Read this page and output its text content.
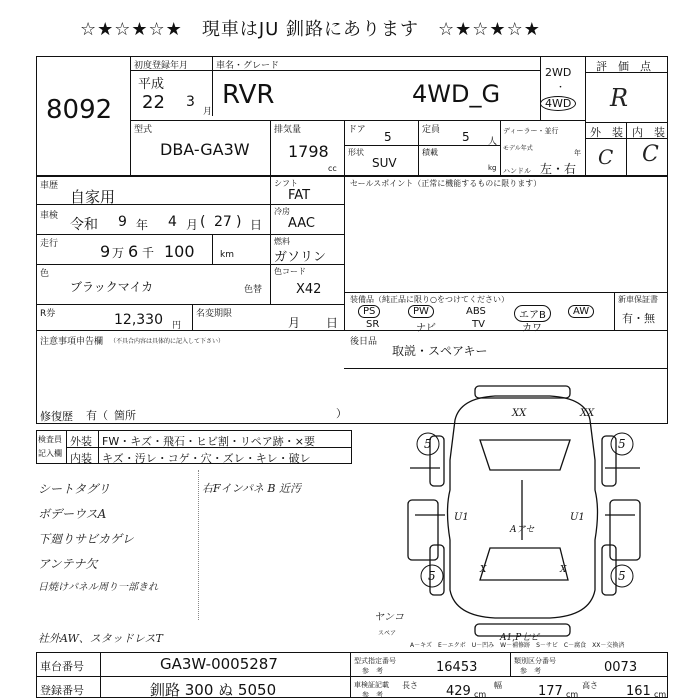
☆★☆★☆★　現車はJU 釧路にあります　☆★☆★☆★
8092
初度登録年月
平成
22 3
月
車名・グレード
RVR	4WD_G
2WD
・
4WD
評　価　点
R
外　装 内　装
C C
型式
DBA-GA3W
排気量
1798
cc
ドア 5	定員 5 人
ディーラー・並行
モデル年式
年
形状
SUV
積載
kg ハンドル 左・右
車歴
自家用
車検
令和 9 年 4 月 ( 27 ) 日
走行	9 万 6 千 100	km
シフト
FAT
冷房
AAC
燃料
ガソリン
色
ブラックマイカ	色替
色コード
X42
R券	12,330 円
名変期限
月 日
セールスポイント（正常に機能するものに限ります）
装備品（純正品に限り○をつけてください）	新車保証書
有・無
PS	PW	ABS	エアB	AW
SR	ナビ	TV	カワ
注意事項申告欄 （不具合内容は具体的に記入して下さい）	後日品
取説・スペアキー
修復歴 有（ 箇所	）
検査員
記入欄
外装 FW・キズ・飛石・ヒビ割・リペア跡・×要
内装 キズ・汚レ・コゲ・穴・ズレ・キレ・破レ
シートタグリ
ボデーウスA
下廻りサビカゲレ
アンテナ欠
日焼けパネル周り一部きれ
社外AW、スタッドレスT
右Fインパネ B 近汚
5	5
5	5
XX	XX
U1	U1
Aアセ
A1,P七ピ
X	X
A－キズ　E－エクボ　U－凹み　W－補修跡　S－サビ　C－腐食　XX－交換済
ヤンコ
スペア
車台番号	GA3W-0005287
登録番号	釧路 300 ぬ 5050
型式指定番号
参　考	16453	類別区分番号
参　考	0073
車検証記載
参　考
長さ 429 cm
幅	177 cm
高さ 161 cm
